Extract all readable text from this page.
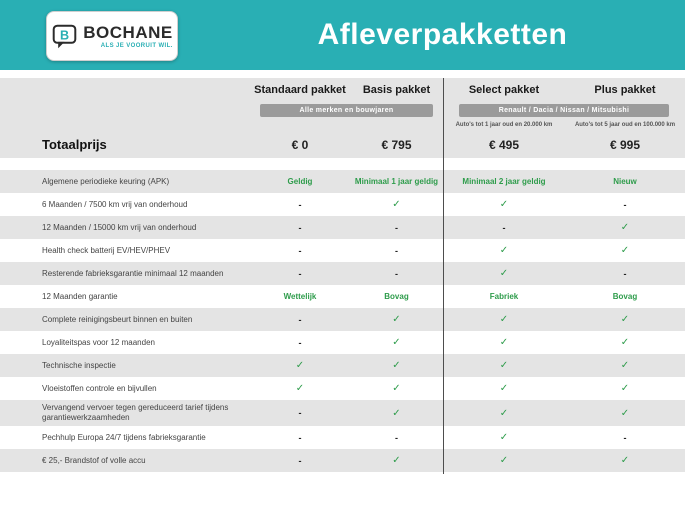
B BOCHANE
ALS JE VOORUIT WIL.	Afleverpakketten
Standaard pakket	Basis pakket	Select pakket	Plus pakket
Alle merken en bouwjaren	Renault / Dacia / Nissan / Mitsubishi
Auto's tot 1 jaar oud en 20.000 km	Auto's tot 5 jaar oud en 100.000 km
Totaalprijs	€ 0	€ 795	€ 495	€ 995
Algemene periodieke keuring (APK)	Geldig	Minimaal 1 jaar geldig	Minimaal 2 jaar geldig	Nieuw
6 Maanden / 7500 km vrij van onderhoud	-	✓	✓	-
12 Maanden / 15000 km vrij van onderhoud	-	-	-	✓
Health check batterij EV/HEV/PHEV	-	-	✓	✓
Resterende fabrieksgarantie minimaal 12 maanden	-	-	✓	-
12 Maanden garantie	Wettelijk	Bovag	Fabriek	Bovag
Complete reinigingsbeurt binnen en buiten	-	✓	✓	✓
Loyaliteitspas voor 12 maanden	-	✓	✓	✓
Technische inspectie	✓	✓	✓	✓
Vloeistoffen controle en bijvullen	✓	✓	✓	✓
Vervangend vervoer tegen gereduceerd tarief tijdens garantiewerkzaamheden	-	✓	✓	✓
Pechhulp Europa 24/7 tijdens fabrieksgarantie	-	-	✓	-
€ 25,- Brandstof of volle accu	-	✓	✓	✓
